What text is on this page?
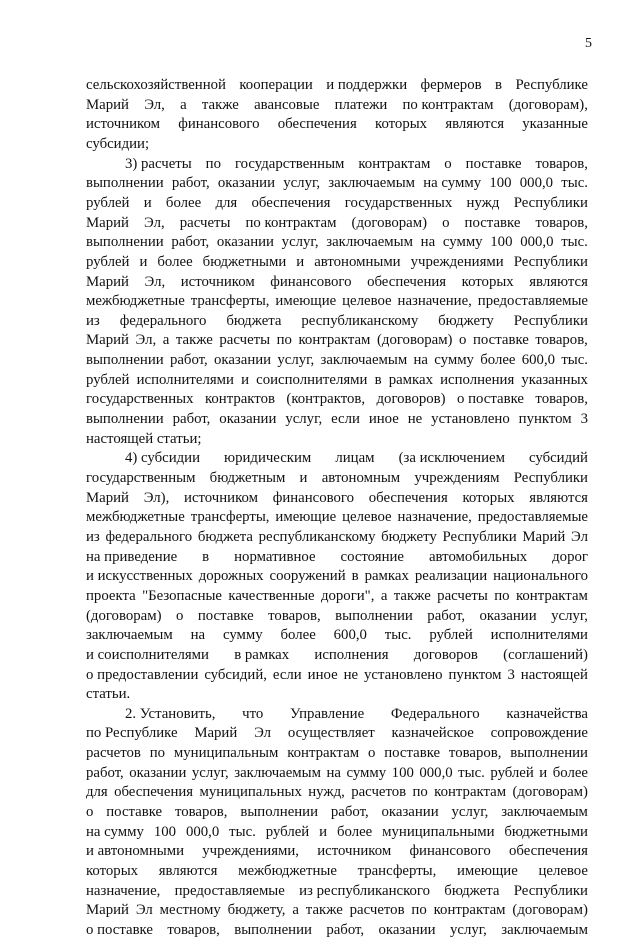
5
сельскохозяйственной кооперации и поддержки фермеров в Республике
Марий Эл, а также авансовые платежи по контрактам (договорам),
источником финансового обеспечения которых являются указанные
субсидии;
3) расчеты по государственным контрактам о поставке товаров,
выполнении работ, оказании услуг, заключаемым на сумму 100 000,0 тыс.
рублей и более для обеспечения государственных нужд Республики
Марий Эл, расчеты по контрактам (договорам) о поставке товаров,
выполнении работ, оказании услуг, заключаемым на сумму 100 000,0 тыс.
рублей и более бюджетными и автономными учреждениями Республики
Марий Эл, источником финансового обеспечения которых являются
межбюджетные трансферты, имеющие целевое назначение, предоставляемые
из федерального бюджета республиканскому бюджету Республики
Марий Эл, а также расчеты по контрактам (договорам) о поставке товаров,
выполнении работ, оказании услуг, заключаемым на сумму более 600,0 тыс.
рублей исполнителями и соисполнителями в рамках исполнения указанных
государственных контрактов (контрактов, договоров) о поставке товаров,
выполнении работ, оказании услуг, если иное не установлено пунктом 3
настоящей статьи;
4) субсидии юридическим лицам (за исключением субсидий
государственным бюджетным и автономным учреждениям Республики
Марий Эл), источником финансового обеспечения которых являются
межбюджетные трансферты, имеющие целевое назначение, предоставляемые
из федерального бюджета республиканскому бюджету Республики Марий Эл
на приведение в нормативное состояние автомобильных дорог
и искусственных дорожных сооружений в рамках реализации национального
проекта "Безопасные качественные дороги", а также расчеты по контрактам
(договорам) о поставке товаров, выполнении работ, оказании услуг,
заключаемым на сумму более 600,0 тыс. рублей исполнителями
и соисполнителями в рамках исполнения договоров (соглашений)
о предоставлении субсидий, если иное не установлено пунктом 3 настоящей
статьи.
2. Установить, что Управление Федерального казначейства
по Республике Марий Эл осуществляет казначейское сопровождение
расчетов по муниципальным контрактам о поставке товаров, выполнении
работ, оказании услуг, заключаемым на сумму 100 000,0 тыс. рублей и более
для обеспечения муниципальных нужд, расчетов по контрактам (договорам)
о поставке товаров, выполнении работ, оказании услуг, заключаемым
на сумму 100 000,0 тыс. рублей и более муниципальными бюджетными
и автономными учреждениями, источником финансового обеспечения
которых являются межбюджетные трансферты, имеющие целевое
назначение, предоставляемые из республиканского бюджета Республики
Марий Эл местному бюджету, а также расчетов по контрактам (договорам)
о поставке товаров, выполнении работ, оказании услуг, заключаемым
